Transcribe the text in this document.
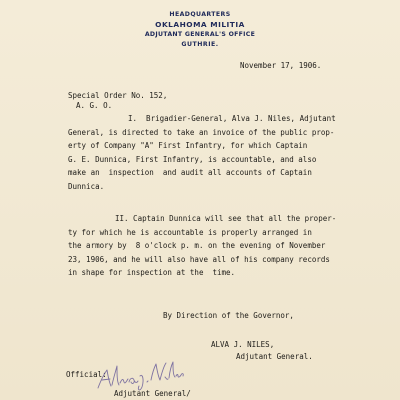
HEADQUARTERS
OKLAHOMA MILITIA
ADJUTANT GENERAL'S OFFICE
GUTHRIE.
November 17, 1906.
Special Order No. 152,
A. G. O.
I.  Brigadier-General, Alva J. Niles, Adjutant
General, is directed to take an invoice of the public prop-
erty of Company "A" First Infantry, for which Captain
G. E. Dunnica, First Infantry, is accountable, and also
make an  inspection  and audit all accounts of Captain
Dunnica.
II. Captain Dunnica will see that all the proper-
ty for which he is accountable is properly arranged in
the armory by  8 o'clock p. m. on the evening of November
23, 1906, and he will also have all of his company records
in shape for inspection at the  time.
By Direction of the Governor,
ALVA J. NILES,
Adjutant General.
Official:
Adjutant General/
